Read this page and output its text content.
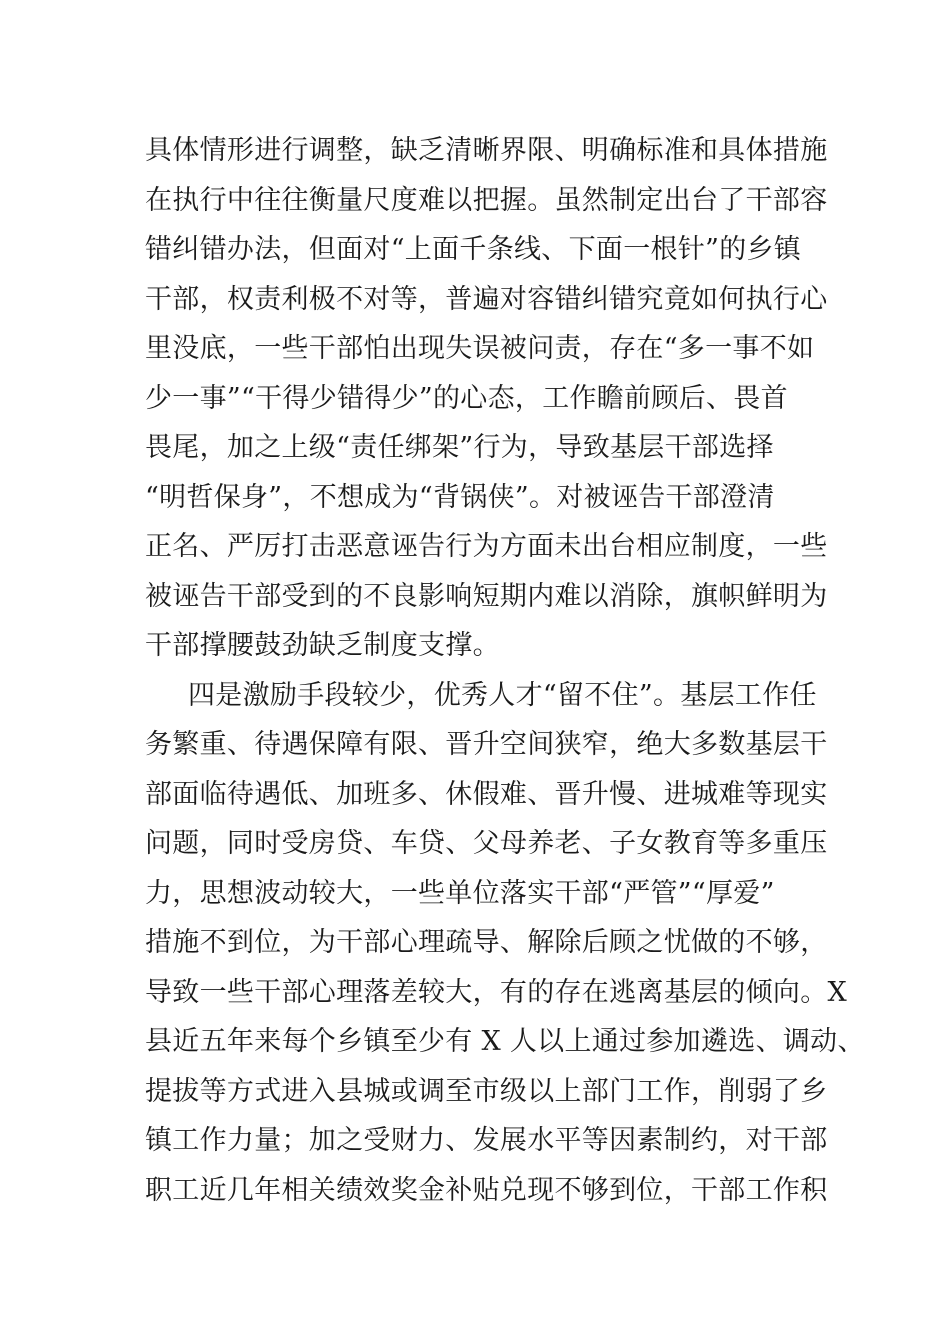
具体情形进行调整，缺乏清晰界限、明确标准和具体措施
在执行中往往衡量尺度难以把握。虽然制定出台了干部容
错纠错办法，但面对“上面千条线、下面一根针”的乡镇
干部，权责利极不对等，普遍对容错纠错究竟如何执行心
里没底，一些干部怕出现失误被问责，存在“多一事不如
少一事”“干得少错得少”的心态，工作瞻前顾后、畏首
畏尾，加之上级“责任绑架”行为，导致基层干部选择
“明哲保身”，不想成为“背锅侠”。对被诬告干部澄清
正名、严厉打击恶意诬告行为方面未出台相应制度，一些
被诬告干部受到的不良影响短期内难以消除，旗帜鲜明为
干部撑腰鼓劲缺乏制度支撑。
四是激励手段较少，优秀人才“留不住”。基层工作任
务繁重、待遇保障有限、晋升空间狭窄，绝大多数基层干
部面临待遇低、加班多、休假难、晋升慢、进城难等现实
问题，同时受房贷、车贷、父母养老、子女教育等多重压
力，思想波动较大，一些单位落实干部“严管”“厚爱”
措施不到位，为干部心理疏导、解除后顾之忧做的不够，
导致一些干部心理落差较大，有的存在逃离基层的倾向。X
县近五年来每个乡镇至少有 X 人以上通过参加遴选、调动、
提拔等方式进入县城或调至市级以上部门工作，削弱了乡
镇工作力量；加之受财力、发展水平等因素制约，对干部
职工近几年相关绩效奖金补贴兑现不够到位，干部工作积
